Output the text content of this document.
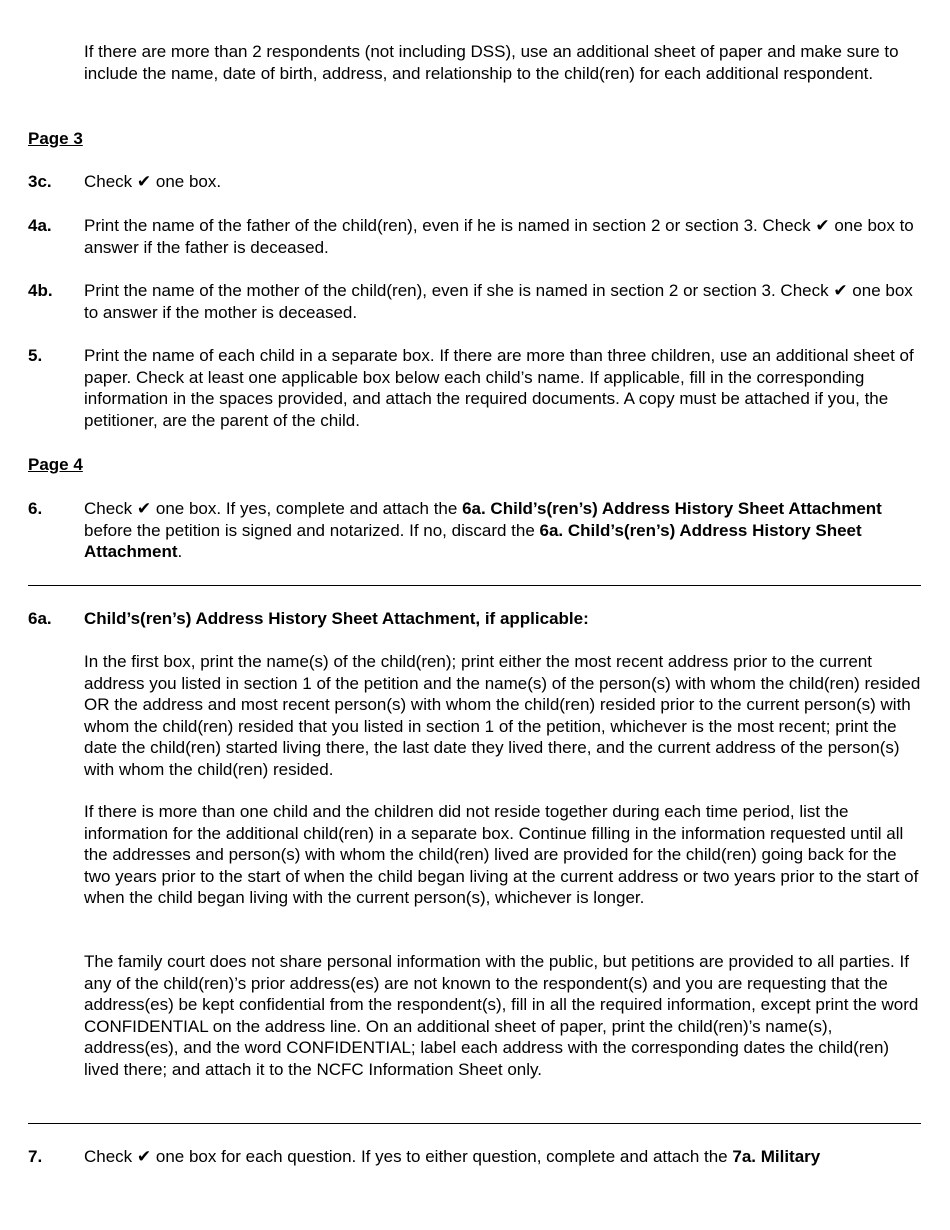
If there are more than 2 respondents (not including DSS), use an additional sheet of paper and make sure to include the name, date of birth, address, and relationship to the child(ren) for each additional respondent.

Page 3
3c. Check ✔ one box.

4a. Print the name of the father of the child(ren), even if he is named in section 2 or section 3. Check ✔ one box to answer if the father is deceased.

4b. Print the name of the mother of the child(ren), even if she is named in section 2 or section 3. Check ✔ one box to answer if the mother is deceased.

5. Print the name of each child in a separate box. If there are more than three children, use an additional sheet of paper. Check at least one applicable box below each child’s name. If applicable, fill in the corresponding information in the spaces provided, and attach the required documents. A copy must be attached if you, the petitioner, are the parent of the child.

Page 4
6. Check ✔ one box. If yes, complete and attach the 6a. Child’s(ren’s) Address History Sheet Attachment before the petition is signed and notarized. If no, discard the 6a. Child’s(ren’s) Address History Sheet Attachment.

6a. Child’s(ren’s) Address History Sheet Attachment, if applicable:

In the first box, print the name(s) of the child(ren); print either the most recent address prior to the current address you listed in section 1 of the petition and the name(s) of the person(s) with whom the child(ren) resided OR the address and most recent person(s) with whom the child(ren) resided prior to the current person(s) with whom the child(ren) resided that you listed in section 1 of the petition, whichever is the most recent; print the date the child(ren) started living there, the last date they lived there, and the current address of the person(s) with whom the child(ren) resided.

If there is more than one child and the children did not reside together during each time period, list the information for the additional child(ren) in a separate box. Continue filling in the information requested until all the addresses and person(s) with whom the child(ren) lived are provided for the child(ren) going back for the two years prior to the start of when the child began living at the current address or two years prior to the start of when the child began living with the current person(s), whichever is longer.

The family court does not share personal information with the public, but petitions are provided to all parties. If any of the child(ren)’s prior address(es) are not known to the respondent(s) and you are requesting that the address(es) be kept confidential from the respondent(s), fill in all the required information, except print the word CONFIDENTIAL on the address line. On an additional sheet of paper, print the child(ren)’s name(s), address(es), and the word CONFIDENTIAL; label each address with the corresponding dates the child(ren) lived there; and attach it to the NCFC Information Sheet only.

7. Check ✔ one box for each question. If yes to either question, complete and attach the 7a. Military
